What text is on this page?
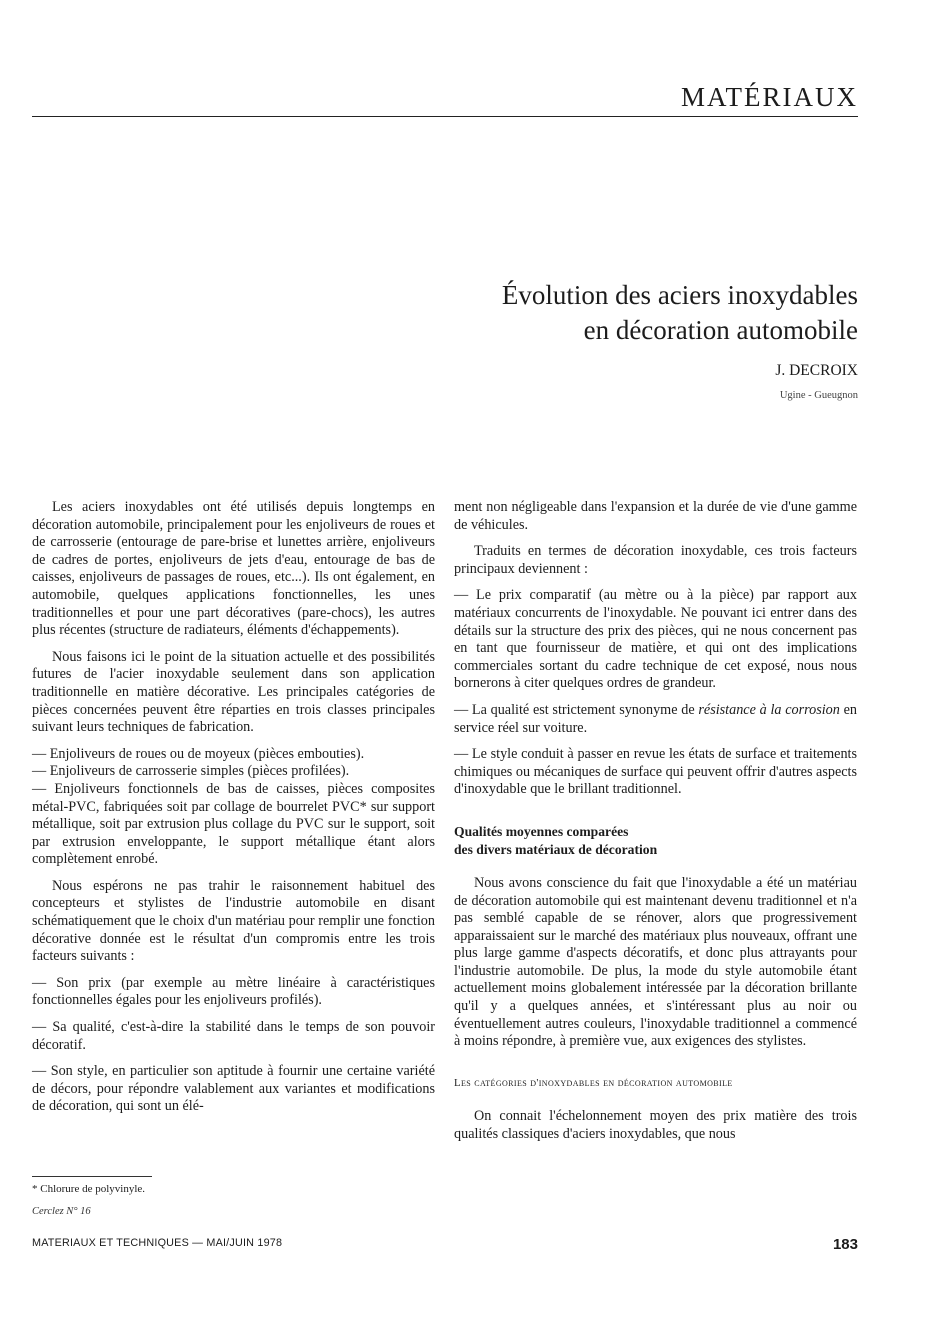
MATÉRIAUX
Évolution des aciers inoxydables
en décoration automobile
J. DECROIX
Ugine - Gueugnon

Les aciers inoxydables ont été utilisés depuis longtemps en décoration automobile, principalement pour les enjoliveurs de roues et de carrosserie (entourage de pare-brise et lunettes arrière, enjoliveurs de cadres de portes, enjoliveurs de jets d'eau, entourage de bas de caisses, enjoliveurs de passages de roues, etc...). Ils ont également, en automobile, quelques applications fonctionnelles, les unes traditionnelles et pour une part décoratives (pare-chocs), les autres plus récentes (structure de radiateurs, éléments d'échappements).

Nous faisons ici le point de la situation actuelle et des possibilités futures de l'acier inoxydable seulement dans son application traditionnelle en matière décorative. Les principales catégories de pièces concernées peuvent être réparties en trois classes principales suivant leurs techniques de fabrication.

— Enjoliveurs de roues ou de moyeux (pièces embouties).

— Enjoliveurs de carrosserie simples (pièces profilées).

— Enjoliveurs fonctionnels de bas de caisses, pièces composites métal-PVC, fabriquées soit par collage de bourrelet PVC* sur support métallique, soit par extrusion plus collage du PVC sur le support, soit par extrusion enveloppante, le support métallique étant alors complètement enrobé.

Nous espérons ne pas trahir le raisonnement habituel des concepteurs et stylistes de l'industrie automobile en disant schématiquement que le choix d'un matériau pour remplir une fonction décorative donnée est le résultat d'un compromis entre les trois facteurs suivants :

— Son prix (par exemple au mètre linéaire à caractéristiques fonctionnelles égales pour les enjoliveurs profilés).

— Sa qualité, c'est-à-dire la stabilité dans le temps de son pouvoir décoratif.

— Son style, en particulier son aptitude à fournir une certaine variété de décors, pour répondre valablement aux variantes et modifications de décoration, qui sont un élé-

ment non négligeable dans l'expansion et la durée de vie d'une gamme de véhicules.

Traduits en termes de décoration inoxydable, ces trois facteurs principaux deviennent :

— Le prix comparatif (au mètre ou à la pièce) par rapport aux matériaux concurrents de l'inoxydable. Ne pouvant ici entrer dans des détails sur la structure des prix des pièces, qui ne nous concernent pas en tant que fournisseur de matière, et qui ont des implications commerciales sortant du cadre technique de cet exposé, nous nous bornerons à citer quelques ordres de grandeur.

— La qualité est strictement synonyme de résistance à la corrosion en service réel sur voiture.

— Le style conduit à passer en revue les états de surface et traitements chimiques ou mécaniques de surface qui peuvent offrir d'autres aspects d'inoxydable que le brillant traditionnel.

Qualités moyennes comparées
des divers matériaux de décoration

Nous avons conscience du fait que l'inoxydable a été un matériau de décoration automobile qui est maintenant devenu traditionnel et n'a pas semblé capable de se rénover, alors que progressivement apparaissaient sur le marché des matériaux plus nouveaux, offrant une plus large gamme d'aspects décoratifs, et donc plus attrayants pour l'industrie automobile. De plus, la mode du style automobile étant actuellement moins globalement intéressée par la décoration brillante qu'il y a quelques années, et s'intéressant plus au noir ou éventuellement autres couleurs, l'inoxydable traditionnel a commencé à moins répondre, à première vue, aux exigences des stylistes.

Les catégories d'inoxydables en décoration automobile

On connait l'échelonnement moyen des prix matière des trois qualités classiques d'aciers inoxydables, que nous

* Chlorure de polyvinyle.
Cerclez N° 16
MATERIAUX ET TECHNIQUES — MAI/JUIN 1978	183
